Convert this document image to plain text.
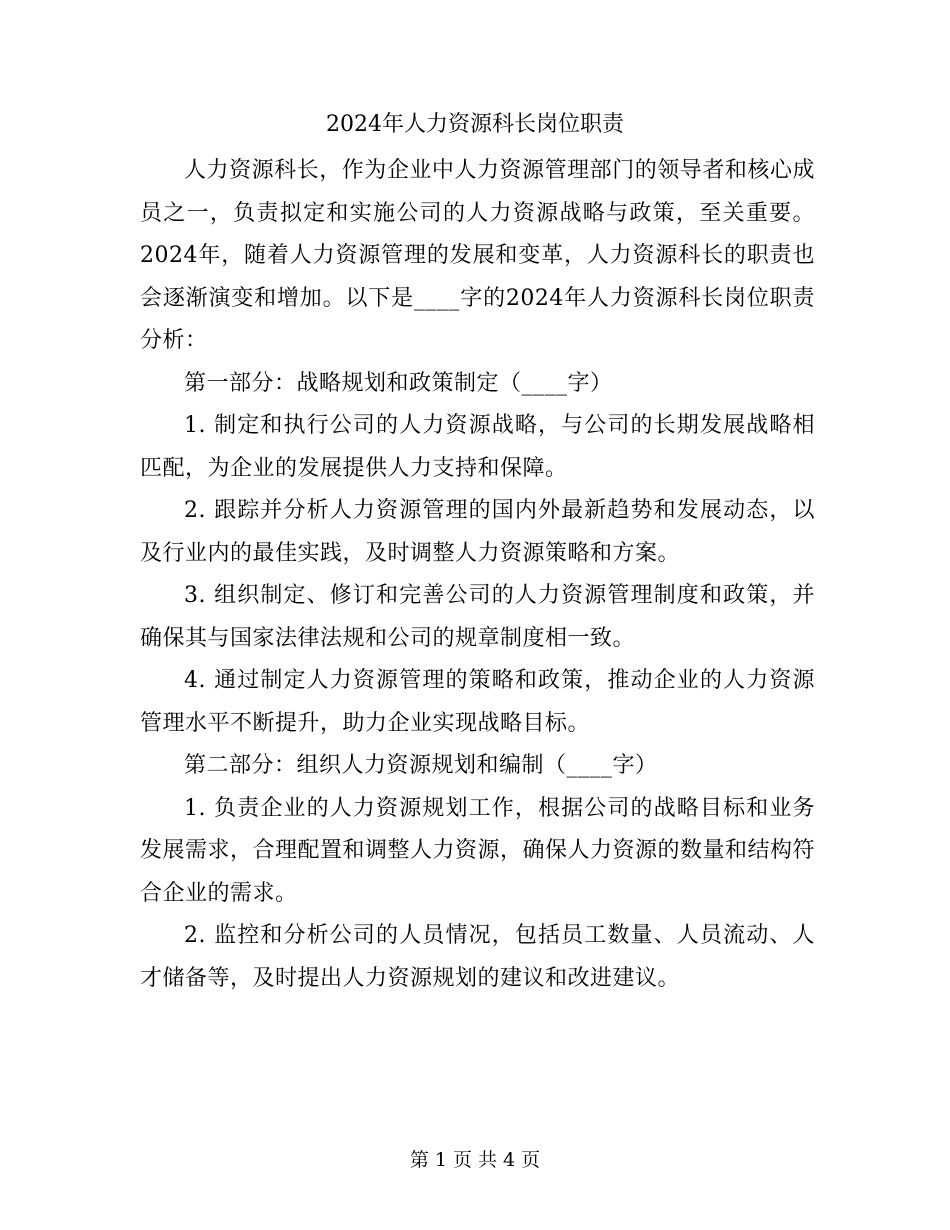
2024年人力资源科长岗位职责

人力资源科长，作为企业中人力资源管理部门的领导者和核心成员之一，负责拟定和实施公司的人力资源战略与政策，至关重要。2024年，随着人力资源管理的发展和变革，人力资源科长的职责也会逐渐演变和增加。以下是____字的2024年人力资源科长岗位职责分析：

第一部分：战略规划和政策制定（____字）

1. 制定和执行公司的人力资源战略，与公司的长期发展战略相匹配，为企业的发展提供人力支持和保障。

2. 跟踪并分析人力资源管理的国内外最新趋势和发展动态，以及行业内的最佳实践，及时调整人力资源策略和方案。

3. 组织制定、修订和完善公司的人力资源管理制度和政策，并确保其与国家法律法规和公司的规章制度相一致。

4. 通过制定人力资源管理的策略和政策，推动企业的人力资源管理水平不断提升，助力企业实现战略目标。

第二部分：组织人力资源规划和编制（____字）

1. 负责企业的人力资源规划工作，根据公司的战略目标和业务发展需求，合理配置和调整人力资源，确保人力资源的数量和结构符合企业的需求。

2. 监控和分析公司的人员情况，包括员工数量、人员流动、人才储备等，及时提出人力资源规划的建议和改进建议。

第 1 页 共 4 页
